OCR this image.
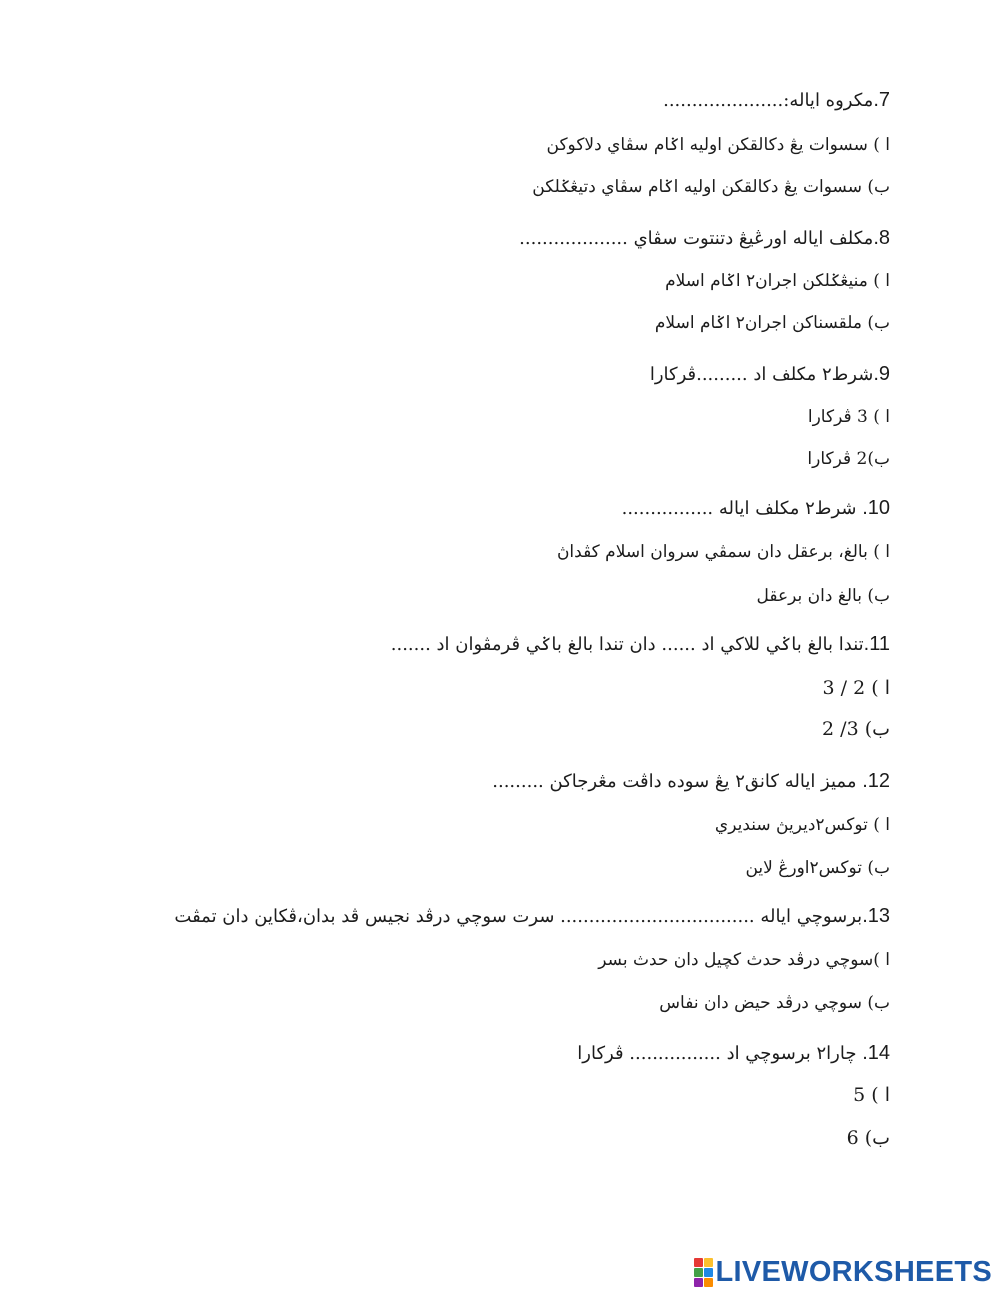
7.مکروه ايالە:.....................
ا ) سسوات يڠ دکالقکن اوليه اݢام سڤاي دلاکوکن
ب) سسوات يڠ دکالقکن اوليه اݢام سڤاي دتيڠݢلکن
8.مکلف ايالە اورڠيڠ دتنتوت سڤاي ...................
ا ) منيڠݢلکن اجران٢ اݢام اسلام
ب) ملقسناکن اجران٢ اݢام اسلام
9.شرط٢ مکلف اد .........ڤرکارا
ا ) 3 ڤرکارا
ب)2 ڤرکارا
10. شرط٢ مکلف ايالە ................
ا ) بالغ، برعقل دان سمڤي سروان اسلام کڤداڽ
ب) بالغ دان برعقل
11.تندا بالغ باݢي للاکي اد ...... دان تندا بالغ باݢي ڤرمڤوان اد .......
ا ) 2 / 3
ب) 3/ 2
12. مميز ايالە کانق٢ يڠ سوده داڤت مڠرجاکن .........
ا ) توکس٢ديريڽ سنديري
ب) توکس٢اورڠ لاين
13.برسوچي ايالە .................................. سرت سوچي درڤد نجيس ڤد بدان،ڤکاين دان تمڤت
ا )سوچي درڤد حدث کچيل دان حدث بسر
ب) سوچي درڤد حيض دان نفاس
14. چارا٢ برسوچي اد ................ ڤرکارا
ا ) 5
ب) 6
LIVEWORKSHEETS
